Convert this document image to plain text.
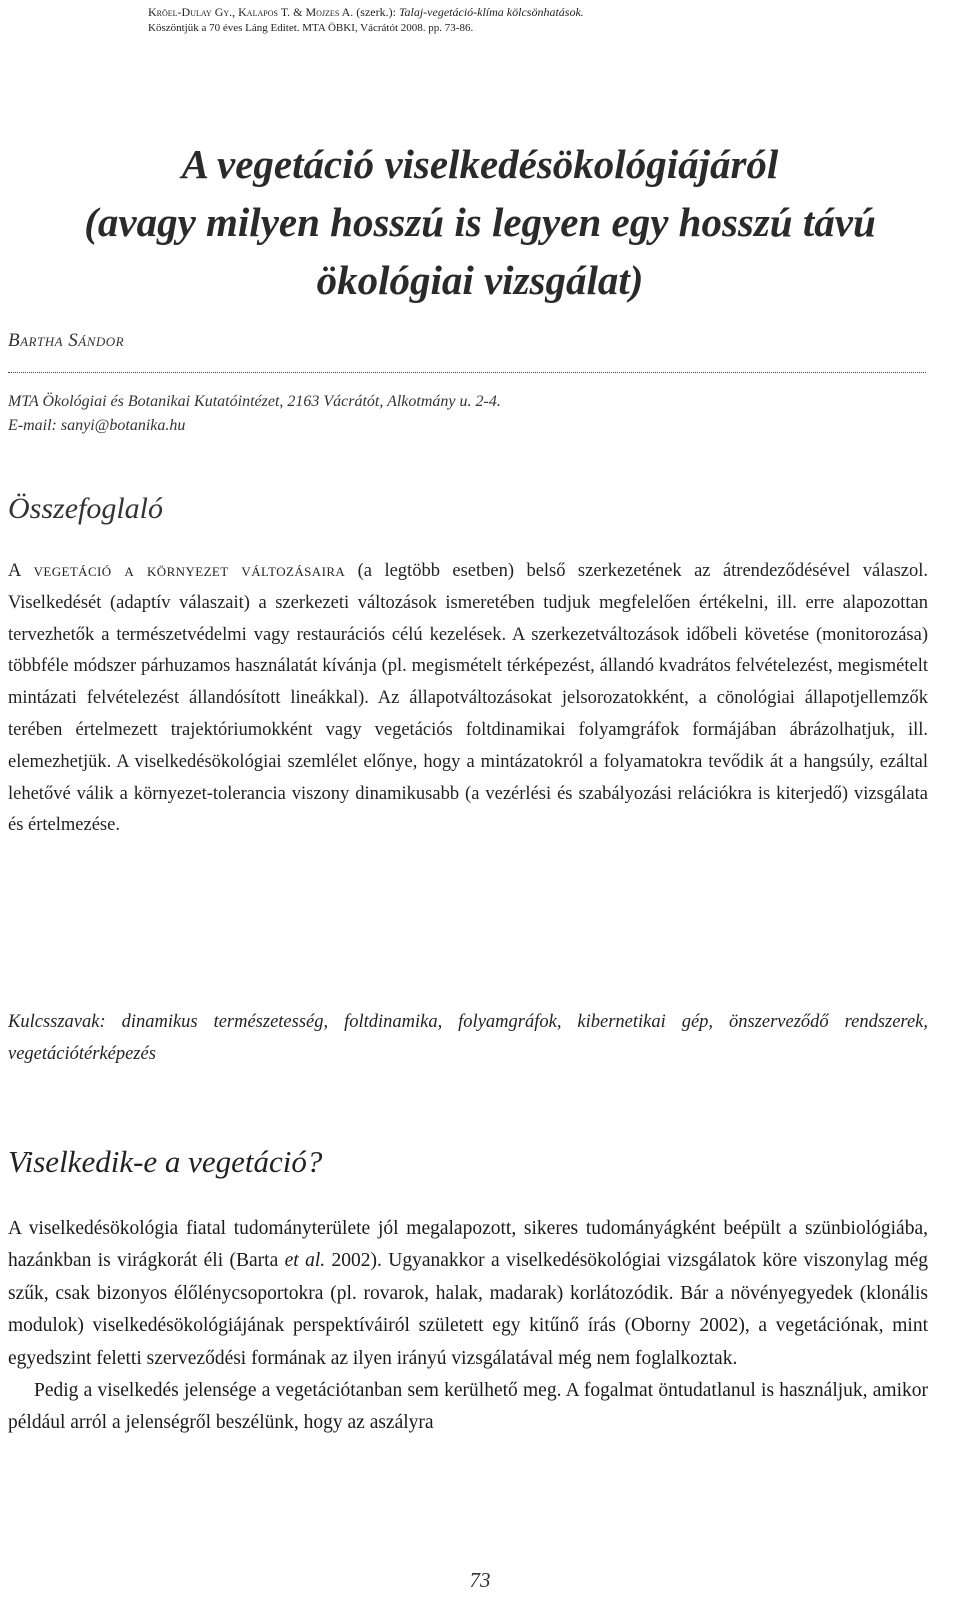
Kröel-Dulay Gy., Kalapos T. & Mojzes A. (szerk.): Talaj-vegetáció-klíma kölcsönhatások.
Köszöntjük a 70 éves Láng Editet. MTA ÖBKI, Vácrátót 2008. pp. 73-86.
A vegetáció viselkedésökológiájáról
(avagy milyen hosszú is legyen egy hosszú távú
ökológiai vizsgálat)
Bartha Sándor
MTA Ökológiai és Botanikai Kutatóintézet, 2163 Vácrátót, Alkotmány u. 2-4.
E-mail: sanyi@botanika.hu
Összefoglaló

A vegetáció a környezet változásaira (a legtöbb esetben) belső szerkezetének az átrendeződésével válaszol. Viselkedését (adaptív válaszait) a szerkezeti változások ismeretében tudjuk megfelelően értékelni, ill. erre alapozottan tervezhetők a természetvédelmi vagy restaurációs célú kezelések. A szerkezetváltozások időbeli követése (monitorozása) többféle módszer párhuzamos használatát kívánja (pl. megismételt térképezést, állandó kvadrátos felvételezést, megismételt mintázati felvételezést állandósított lineákkal). Az állapotváltozásokat jelsorozatokként, a cönológiai állapotjellemzők terében értelmezett trajektóriumokként vagy vegetációs foltdinamikai folyamgráfok formájában ábrázolhatjuk, ill. elemezhetjük. A viselkedésökológiai szemlélet előnye, hogy a mintázatokról a folyamatokra tevődik át a hangsúly, ezáltal lehetővé válik a környezet-tolerancia viszony dinamikusabb (a vezérlési és szabályozási relációkra is kiterjedő) vizsgálata és értelmezése.

Kulcsszavak: dinamikus természetesség, foltdinamika, folyamgráfok, kibernetikai gép, önszerveződő rendszerek, vegetációtérképezés

Viselkedik-e a vegetáció?

A viselkedésökológia fiatal tudományterülete jól megalapozott, sikeres tudományágként beépült a szünbiológiába, hazánkban is virágkorát éli (Barta et al. 2002). Ugyanakkor a viselkedésökológiai vizsgálatok köre viszonylag még szűk, csak bizonyos élőlénycsoportokra (pl. rovarok, halak, madarak) korlátozódik. Bár a növényegyedek (klonális modulok) viselkedésökológiájának perspektíváiról született egy kitűnő írás (Oborny 2002), a vegetációnak, mint egyedszint feletti szerveződési formának az ilyen irányú vizsgálatával még nem foglalkoztak.

Pedig a viselkedés jelensége a vegetációtanban sem kerülhető meg. A fogalmat öntudatlanul is használjuk, amikor például arról a jelenségről beszélünk, hogy az aszályra

73
